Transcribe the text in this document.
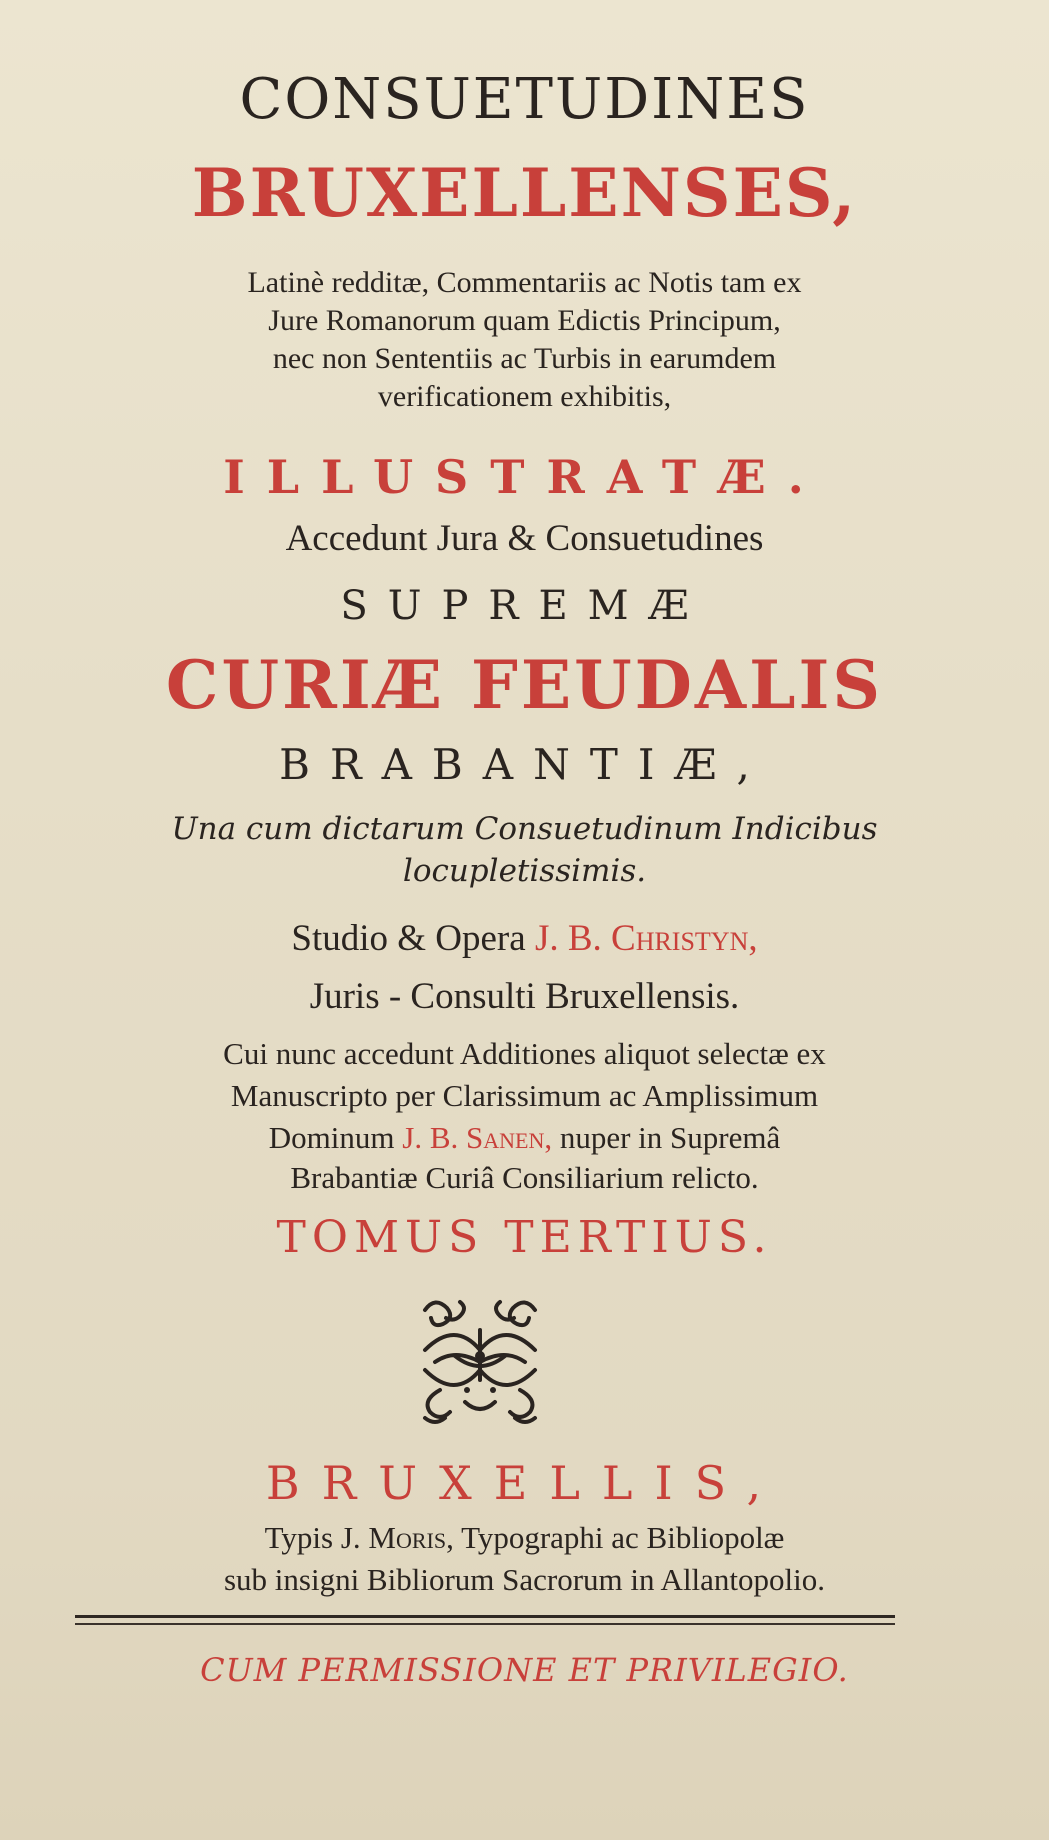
CONSUETUDINES
BRUXELLENSES,
Latinè redditæ, Commentariis ac Notis tam ex
Jure Romanorum quam Edictis Principum,
nec non Sententiis ac Turbis in earumdem
verificationem exhibitis,
ILLUSTRATÆ.
Accedunt Jura & Consuetudines
SUPREMÆ
CURIÆ FEUDALIS
BRABANTIÆ,
Una cum dictarum Consuetudinum Indicibus
locupletissimis.
Studio & Opera J. B. Christyn,
Juris - Consulti Bruxellensis.
Cui nunc accedunt Additiones aliquot selectæ ex
Manuscripto per Clarissimum ac Amplissimum
Dominum J. B. Sanen, nuper in Supremâ
Brabantiæ Curiâ Consiliarium relicto.
TOMUS TERTIUS.
BRUXELLIS,
Typis J. Moris, Typographi ac Bibliopolæ
sub insigni Bibliorum Sacrorum in Allantopolio.
CUM PERMISSIONE ET PRIVILEGIO.
